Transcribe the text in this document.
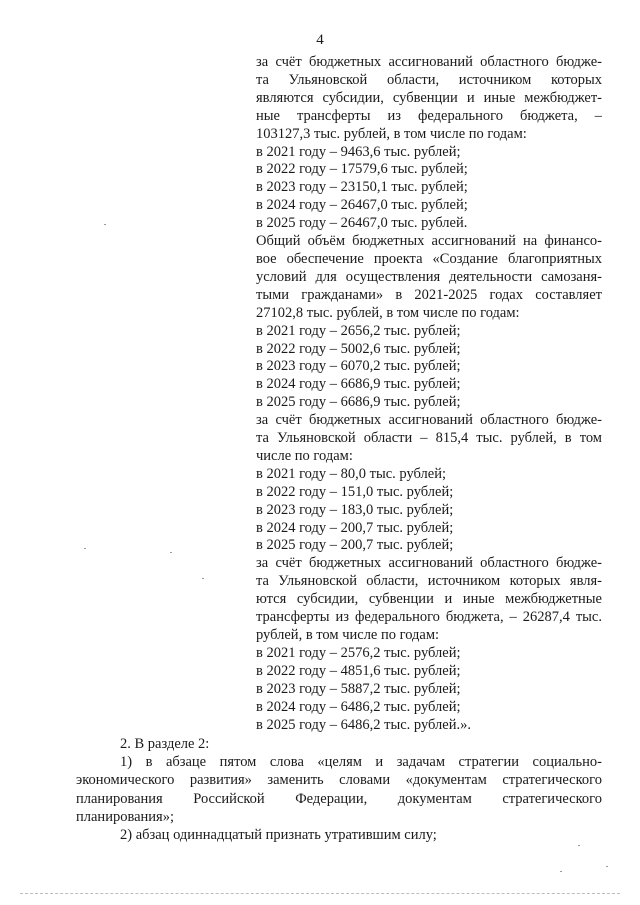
4
за счёт бюджетных ассигнований областного бюдже-
та Ульяновской области, источником которых
являются субсидии, субвенции и иные межбюджет-
ные трансферты из федерального бюджета, –
103127,3 тыс. рублей, в том числе по годам:
в 2021 году – 9463,6 тыс. рублей;
в 2022 году – 17579,6 тыс. рублей;
в 2023 году – 23150,1 тыс. рублей;
в 2024 году – 26467,0 тыс. рублей;
в 2025 году – 26467,0 тыс. рублей.
Общий объём бюджетных ассигнований на финансо-
вое обеспечение проекта «Создание благоприятных
условий для осуществления деятельности самозаня-
тыми гражданами» в 2021-2025 годах составляет
27102,8 тыс. рублей, в том числе по годам:
в 2021 году – 2656,2 тыс. рублей;
в 2022 году – 5002,6 тыс. рублей;
в 2023 году – 6070,2 тыс. рублей;
в 2024 году – 6686,9 тыс. рублей;
в 2025 году – 6686,9 тыс. рублей;
за счёт бюджетных ассигнований областного бюдже-
та Ульяновской области – 815,4 тыс. рублей, в том
числе по годам:
в 2021 году – 80,0 тыс. рублей;
в 2022 году – 151,0 тыс. рублей;
в 2023 году – 183,0 тыс. рублей;
в 2024 году – 200,7 тыс. рублей;
в 2025 году – 200,7 тыс. рублей;
за счёт бюджетных ассигнований областного бюдже-
та Ульяновской области, источником которых явля-
ются субсидии, субвенции и иные межбюджетные
трансферты из федерального бюджета, – 26287,4 тыс.
рублей, в том числе по годам:
в 2021 году – 2576,2 тыс. рублей;
в 2022 году – 4851,6 тыс. рублей;
в 2023 году – 5887,2 тыс. рублей;
в 2024 году – 6486,2 тыс. рублей;
в 2025 году – 6486,2 тыс. рублей.».
2. В разделе 2:
1) в абзаце пятом слова «целям и задачам стратегии социально-
экономического развития» заменить словами «документам стратегического
планирования Российской Федерации, документам стратегического
планирования»;
2) абзац одиннадцатый признать утратившим силу;
